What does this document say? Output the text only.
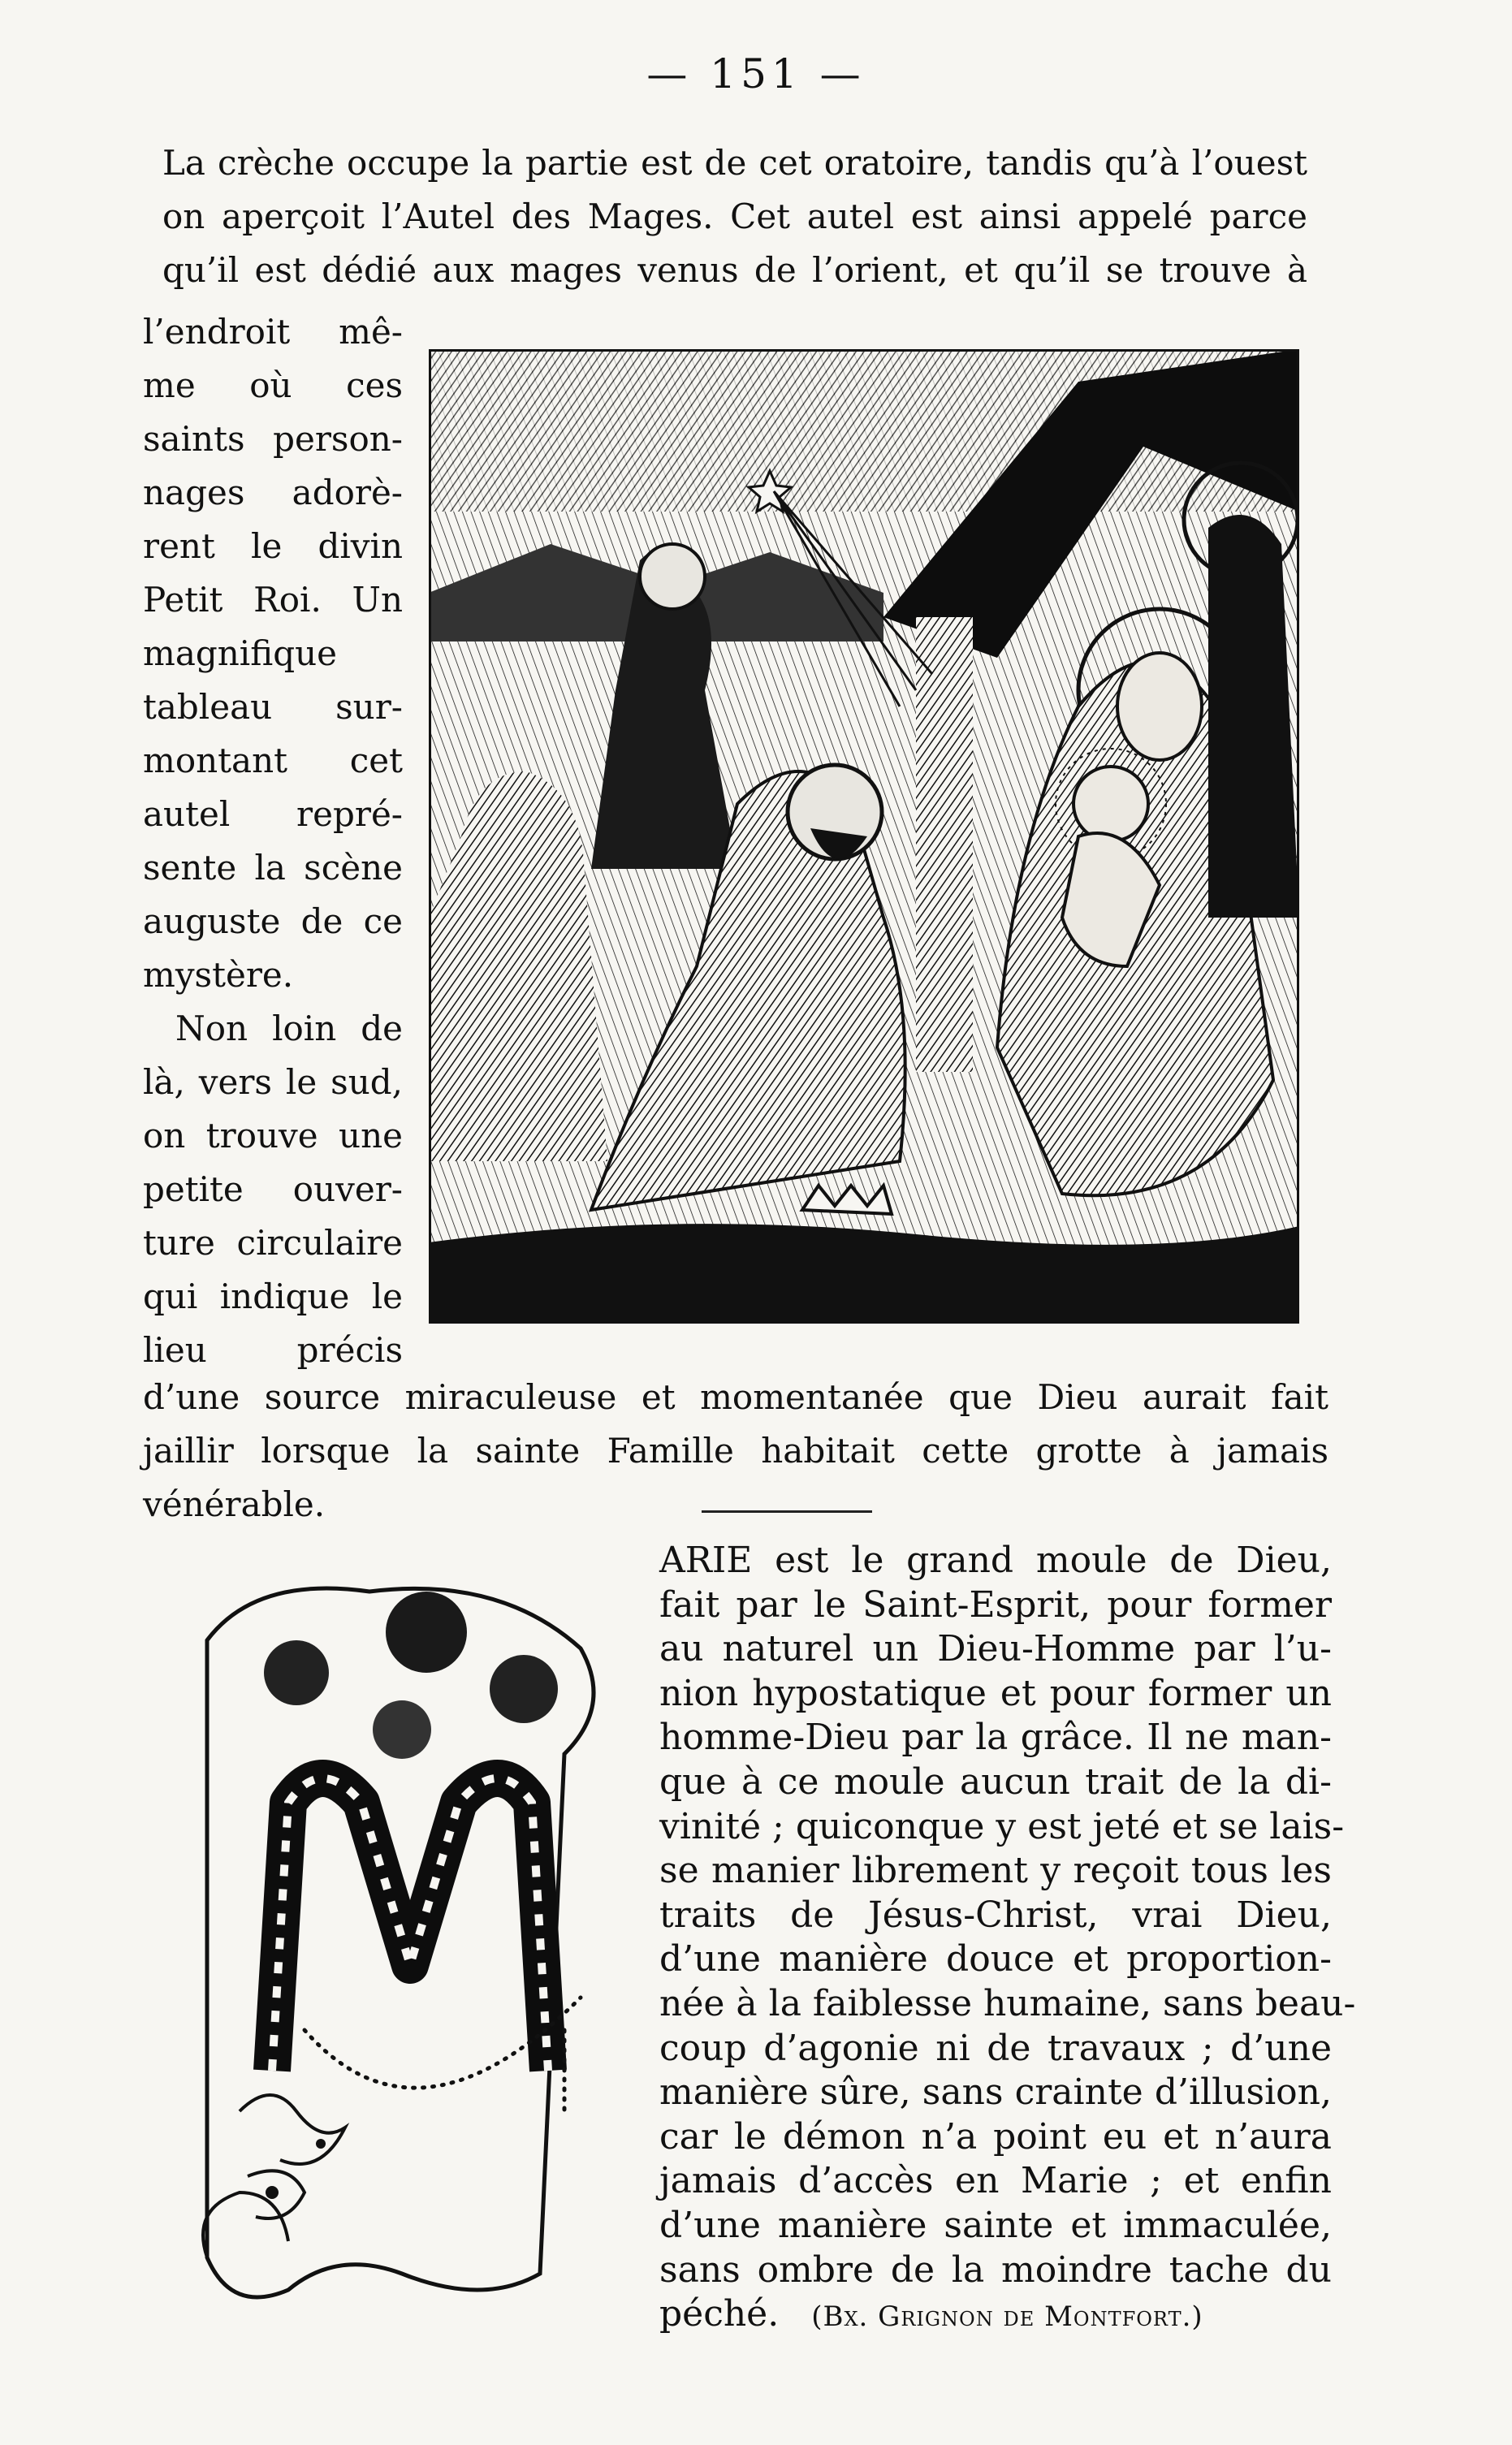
— 151 —
La crèche occupe la partie est de cet oratoire, tandis qu’à l’ouest
on aperçoit l’Autel des Mages. Cet autel est ainsi appelé parce
qu’il est dédié aux mages venus de l’orient, et qu’il se trouve à
l’endroit mê-
me où ces
saints person-
nages adorè-
rent le divin
Petit Roi. Un
magnifique
tableau sur-
montant cet
autel repré-
sente la scène
auguste de ce
mystère.
Non loin de
là, vers le sud,
on trouve une
petite ouver-
ture circulaire
qui indique le
lieu précis
d’une source miraculeuse et momentanée que Dieu aurait fait
jaillir lorsque la sainte Famille habitait cette grotte à jamais
vénérable.
ARIE est le grand moule de Dieu,
fait par le Saint-Esprit, pour former
au naturel un Dieu-Homme par l’u-
nion hypostatique et pour former un
homme-Dieu par la grâce. Il ne man-
que à ce moule aucun trait de la di-
vinité ; quiconque y est jeté et se lais-
se manier librement y reçoit tous les
traits de Jésus-Christ, vrai Dieu,
d’une manière douce et proportion-
née à la faiblesse humaine, sans beau-
coup d’agonie ni de travaux ; d’une
manière sûre, sans crainte d’illusion,
car le démon n’a point eu et n’aura
jamais d’accès en Marie ; et enfin
d’une manière sainte et immaculée,
sans ombre de la moindre tache du
péché. (Bx. Grignon de Montfort.)
